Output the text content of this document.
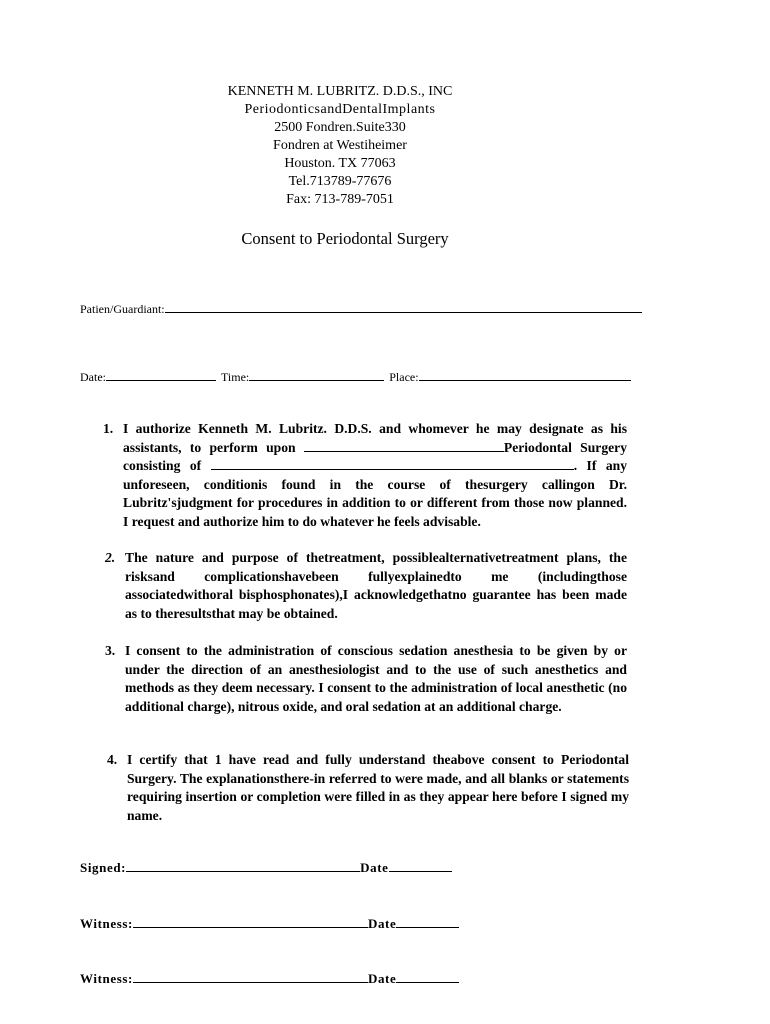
KENNETH M. LUBRITZ. D.D.S., INC
PeriodonticsandDentalImplants
2500 Fondren.Suite330
Fondren at Westiheimer
Houston. TX 77063
Tel.713789-77676
Fax: 713-789-7051
Consent to Periodontal Surgery
Patien/Guardiant:
Date:	Time:	Place:
1. I authorize Kenneth M. Lubritz. D.D.S. and whomever he may designate as his assistants, to perform upon	Periodontal Surgery consisting of	. If any unforeseen, conditionis found in the course of thesurgery callingon Dr. Lubritz'sjudgment for procedures in addition to or different from those now planned. I request and authorize him to do whatever he feels advisable.

2. The nature and purpose of thetreatment, possiblealternativetreatment plans, the risksand complicationshavebeen fullyexplainedto me (includingthose associatedwithoral bisphosphonates),I acknowledgethatno guarantee has been made as to theresultsthat may be obtained.

3. I consent to the administration of conscious sedation anesthesia to be given by or under the direction of an anesthesiologist and to the use of such anesthetics and methods as they deem necessary. I consent to the administration of local anesthetic (no additional charge), nitrous oxide, and oral sedation at an additional charge.

4. I certify that 1 have read and fully understand theabove consent to Periodontal Surgery. The explanationsthere-in referred to were made, and all blanks or statements requiring insertion or completion were filled in as they appear here before I signed my name.

Signed:	Date
Witness:	Date
Witness:	Date
